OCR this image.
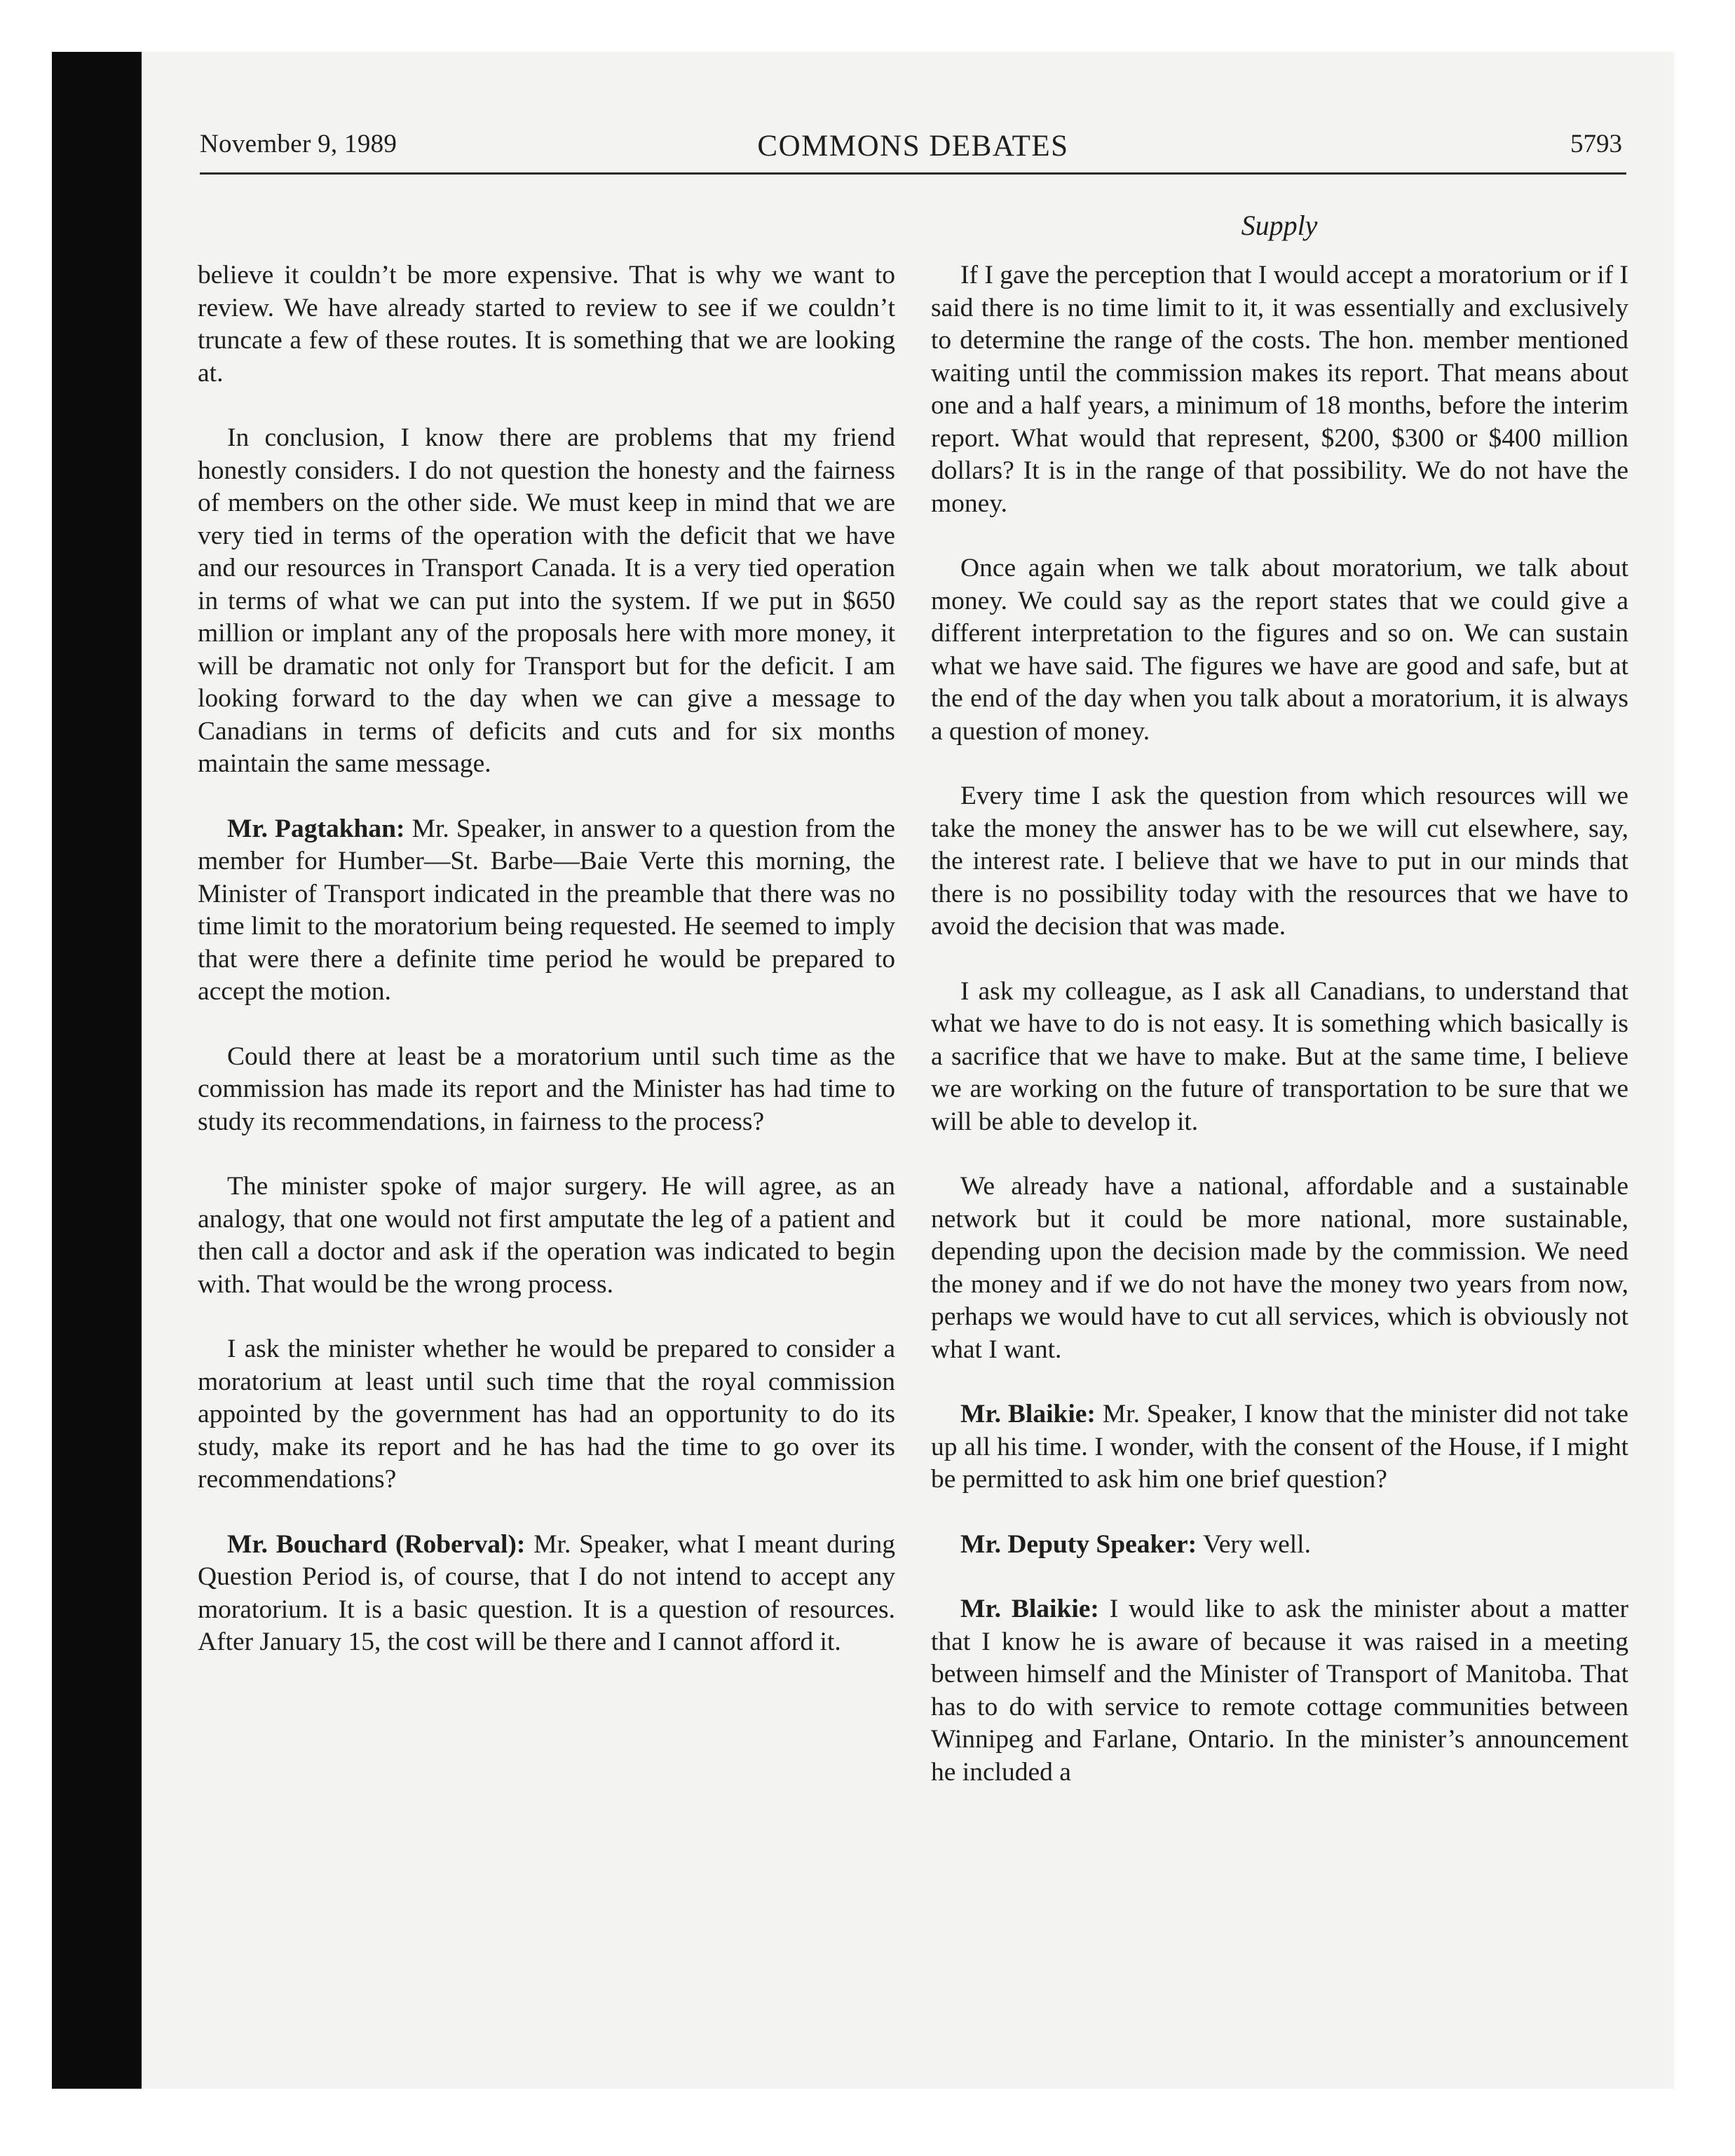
November 9, 1989	COMMONS DEBATES	5793
Supply

believe it couldn’t be more expensive. That is why we want to review. We have already started to review to see if we couldn’t truncate a few of these routes. It is something that we are looking at.

In conclusion, I know there are problems that my friend honestly considers. I do not question the honesty and the fairness of members on the other side. We must keep in mind that we are very tied in terms of the operation with the deficit that we have and our resources in Transport Canada. It is a very tied operation in terms of what we can put into the system. If we put in $650 million or implant any of the proposals here with more money, it will be dramatic not only for Transport but for the deficit. I am looking forward to the day when we can give a message to Canadians in terms of deficits and cuts and for six months maintain the same message.

Mr. Pagtakhan: Mr. Speaker, in answer to a question from the member for Humber—St. Barbe—Baie Verte this morning, the Minister of Transport indicated in the preamble that there was no time limit to the moratorium being requested. He seemed to imply that were there a definite time period he would be prepared to accept the motion.

Could there at least be a moratorium until such time as the commission has made its report and the Minister has had time to study its recommendations, in fairness to the process?

The minister spoke of major surgery. He will agree, as an analogy, that one would not first amputate the leg of a patient and then call a doctor and ask if the operation was indicated to begin with. That would be the wrong process.

I ask the minister whether he would be prepared to consider a moratorium at least until such time that the royal commission appointed by the government has had an opportunity to do its study, make its report and he has had the time to go over its recommendations?

Mr. Bouchard (Roberval): Mr. Speaker, what I meant during Question Period is, of course, that I do not intend to accept any moratorium. It is a basic question. It is a question of resources. After January 15, the cost will be there and I cannot afford it.

If I gave the perception that I would accept a moratorium or if I said there is no time limit to it, it was essentially and exclusively to determine the range of the costs. The hon. member mentioned waiting until the commission makes its report. That means about one and a half years, a minimum of 18 months, before the interim report. What would that represent, $200, $300 or $400 million dollars? It is in the range of that possibility. We do not have the money.

Once again when we talk about moratorium, we talk about money. We could say as the report states that we could give a different interpretation to the figures and so on. We can sustain what we have said. The figures we have are good and safe, but at the end of the day when you talk about a moratorium, it is always a question of money.

Every time I ask the question from which resources will we take the money the answer has to be we will cut elsewhere, say, the interest rate. I believe that we have to put in our minds that there is no possibility today with the resources that we have to avoid the decision that was made.

I ask my colleague, as I ask all Canadians, to understand that what we have to do is not easy. It is something which basically is a sacrifice that we have to make. But at the same time, I believe we are working on the future of transportation to be sure that we will be able to develop it.

We already have a national, affordable and a sustainable network but it could be more national, more sustainable, depending upon the decision made by the commission. We need the money and if we do not have the money two years from now, perhaps we would have to cut all services, which is obviously not what I want.

Mr. Blaikie: Mr. Speaker, I know that the minister did not take up all his time. I wonder, with the consent of the House, if I might be permitted to ask him one brief question?

Mr. Deputy Speaker: Very well.

Mr. Blaikie: I would like to ask the minister about a matter that I know he is aware of because it was raised in a meeting between himself and the Minister of Transport of Manitoba. That has to do with service to remote cottage communities between Winnipeg and Farlane, Ontario. In the minister’s announcement he included a
